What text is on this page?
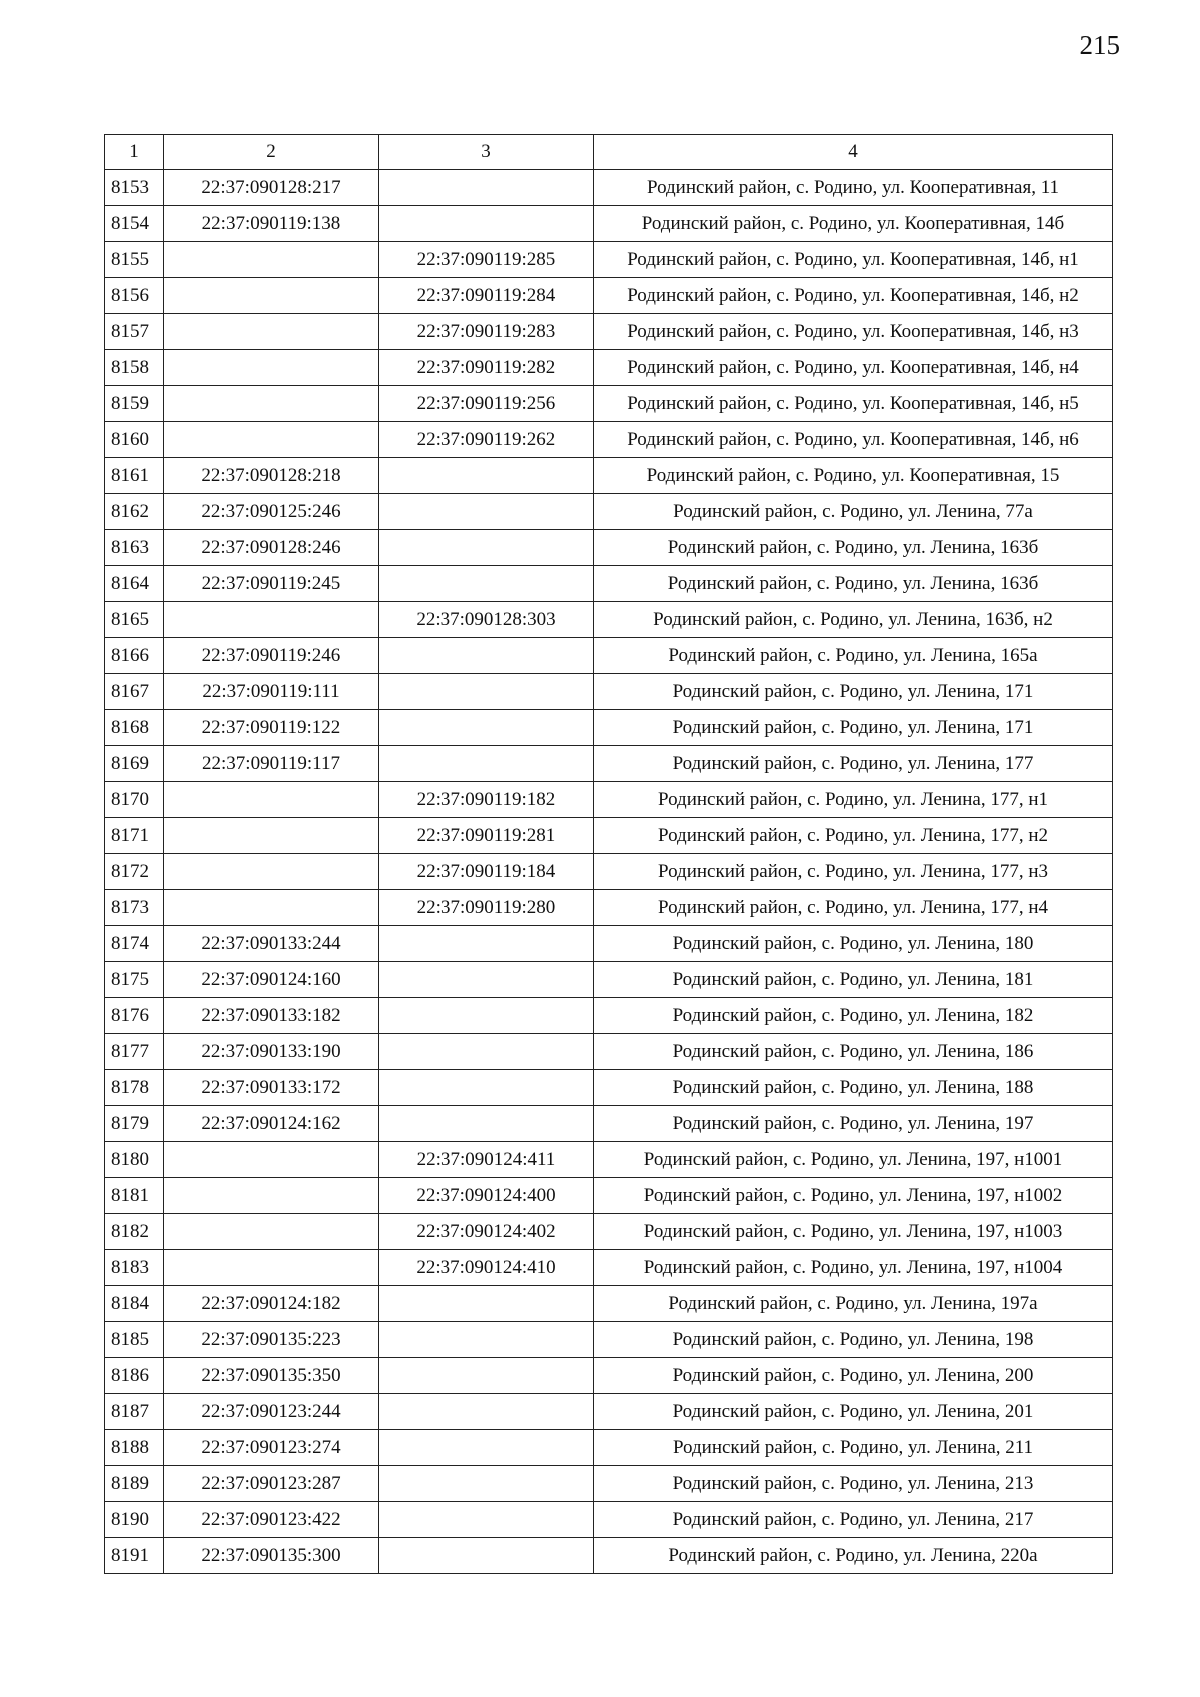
215
1	2	3	4
8153	22:37:090128:217		Родинский район, с. Родино, ул. Кооперативная, 11
8154	22:37:090119:138		Родинский район, с. Родино, ул. Кооперативная, 14б
8155		22:37:090119:285	Родинский район, с. Родино, ул. Кооперативная, 14б, н1
8156		22:37:090119:284	Родинский район, с. Родино, ул. Кооперативная, 14б, н2
8157		22:37:090119:283	Родинский район, с. Родино, ул. Кооперативная, 14б, н3
8158		22:37:090119:282	Родинский район, с. Родино, ул. Кооперативная, 14б, н4
8159		22:37:090119:256	Родинский район, с. Родино, ул. Кооперативная, 14б, н5
8160		22:37:090119:262	Родинский район, с. Родино, ул. Кооперативная, 14б, н6
8161	22:37:090128:218		Родинский район, с. Родино, ул. Кооперативная, 15
8162	22:37:090125:246		Родинский район, с. Родино, ул. Ленина, 77а
8163	22:37:090128:246		Родинский район, с. Родино, ул. Ленина, 163б
8164	22:37:090119:245		Родинский район, с. Родино, ул. Ленина, 163б
8165		22:37:090128:303	Родинский район, с. Родино, ул. Ленина, 163б, н2
8166	22:37:090119:246		Родинский район, с. Родино, ул. Ленина, 165а
8167	22:37:090119:111		Родинский район, с. Родино, ул. Ленина, 171
8168	22:37:090119:122		Родинский район, с. Родино, ул. Ленина, 171
8169	22:37:090119:117		Родинский район, с. Родино, ул. Ленина, 177
8170		22:37:090119:182	Родинский район, с. Родино, ул. Ленина, 177, н1
8171		22:37:090119:281	Родинский район, с. Родино, ул. Ленина, 177, н2
8172		22:37:090119:184	Родинский район, с. Родино, ул. Ленина, 177, н3
8173		22:37:090119:280	Родинский район, с. Родино, ул. Ленина, 177, н4
8174	22:37:090133:244		Родинский район, с. Родино, ул. Ленина, 180
8175	22:37:090124:160		Родинский район, с. Родино, ул. Ленина, 181
8176	22:37:090133:182		Родинский район, с. Родино, ул. Ленина, 182
8177	22:37:090133:190		Родинский район, с. Родино, ул. Ленина, 186
8178	22:37:090133:172		Родинский район, с. Родино, ул. Ленина, 188
8179	22:37:090124:162		Родинский район, с. Родино, ул. Ленина, 197
8180		22:37:090124:411	Родинский район, с. Родино, ул. Ленина, 197, н1001
8181		22:37:090124:400	Родинский район, с. Родино, ул. Ленина, 197, н1002
8182		22:37:090124:402	Родинский район, с. Родино, ул. Ленина, 197, н1003
8183		22:37:090124:410	Родинский район, с. Родино, ул. Ленина, 197, н1004
8184	22:37:090124:182		Родинский район, с. Родино, ул. Ленина, 197а
8185	22:37:090135:223		Родинский район, с. Родино, ул. Ленина, 198
8186	22:37:090135:350		Родинский район, с. Родино, ул. Ленина, 200
8187	22:37:090123:244		Родинский район, с. Родино, ул. Ленина, 201
8188	22:37:090123:274		Родинский район, с. Родино, ул. Ленина, 211
8189	22:37:090123:287		Родинский район, с. Родино, ул. Ленина, 213
8190	22:37:090123:422		Родинский район, с. Родино, ул. Ленина, 217
8191	22:37:090135:300		Родинский район, с. Родино, ул. Ленина, 220а
